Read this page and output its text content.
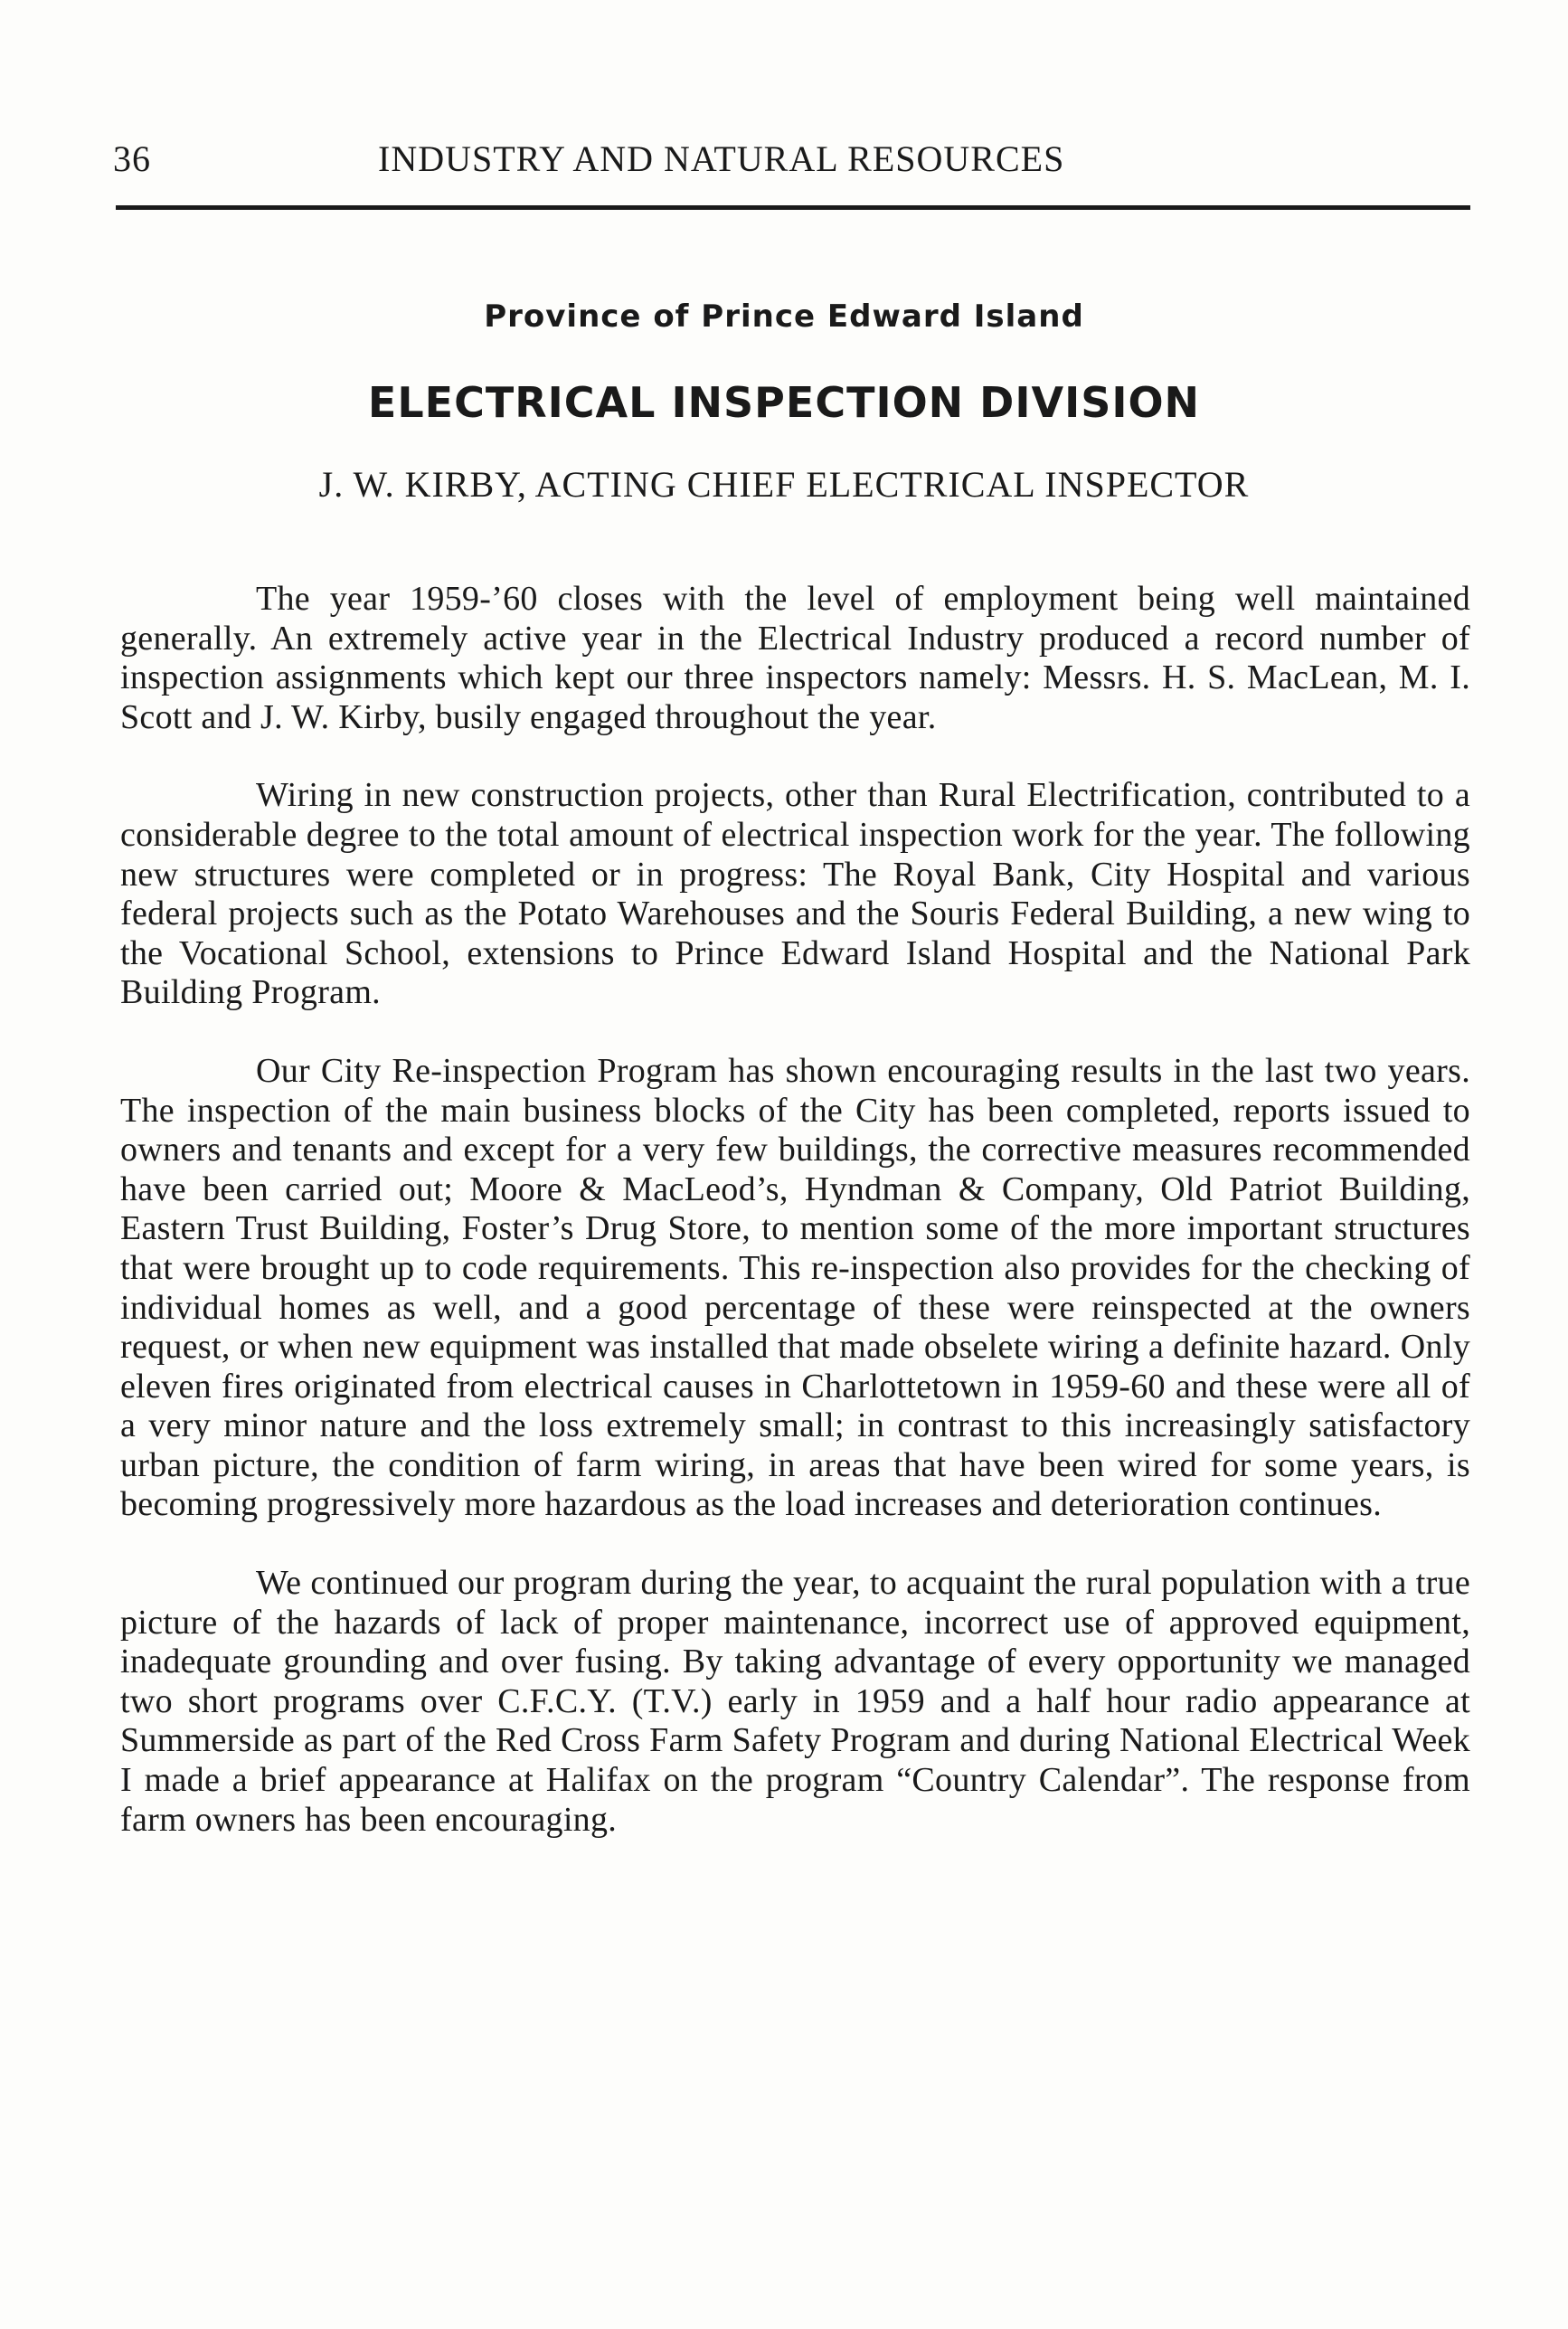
36	INDUSTRY AND NATURAL RESOURCES
Province of Prince Edward Island
ELECTRICAL INSPECTION DIVISION
J. W. KIRBY, ACTING CHIEF ELECTRICAL INSPECTOR

The year 1959-’60 closes with the level of employment being well maintained generally. An extremely active year in the Electrical Industry produced a record number of inspection assignments which kept our three inspectors namely: Messrs. H. S. MacLean, M. I. Scott and J. W. Kirby, busily engaged throughout the year.

Wiring in new construction projects, other than Rural Electrification, contributed to a considerable degree to the total amount of electrical inspection work for the year. The following new structures were completed or in progress: The Royal Bank, City Hospital and various federal projects such as the Potato Warehouses and the Souris Federal Building, a new wing to the Vocational School, extensions to Prince Edward Island Hospital and the National Park Building Program.

Our City Re-inspection Program has shown encouraging results in the last two years. The inspection of the main business blocks of the City has been completed, reports issued to owners and tenants and except for a very few buildings, the corrective measures recommended have been carried out; Moore & MacLeod’s, Hyndman & Company, Old Patriot Building, Eastern Trust Building, Foster’s Drug Store, to mention some of the more important structures that were brought up to code requirements. This re-inspection also provides for the checking of individual homes as well, and a good percentage of these were reinspected at the owners request, or when new equipment was installed that made obselete wiring a definite hazard. Only eleven fires originated from electrical causes in Charlottetown in 1959-60 and these were all of a very minor nature and the loss extremely small; in contrast to this increasingly satisfactory urban picture, the condition of farm wiring, in areas that have been wired for some years, is becoming progressively more hazardous as the load increases and deterioration continues.

We continued our program during the year, to acquaint the rural population with a true picture of the hazards of lack of proper maintenance, incorrect use of approved equipment, inadequate grounding and over fusing. By taking advantage of every opportunity we managed two short programs over C.F.C.Y. (T.V.) early in 1959 and a half hour radio appearance at Summerside as part of the Red Cross Farm Safety Program and during National Electrical Week I made a brief appearance at Halifax on the program “Country Calendar”. The response from farm owners has been encouraging.
